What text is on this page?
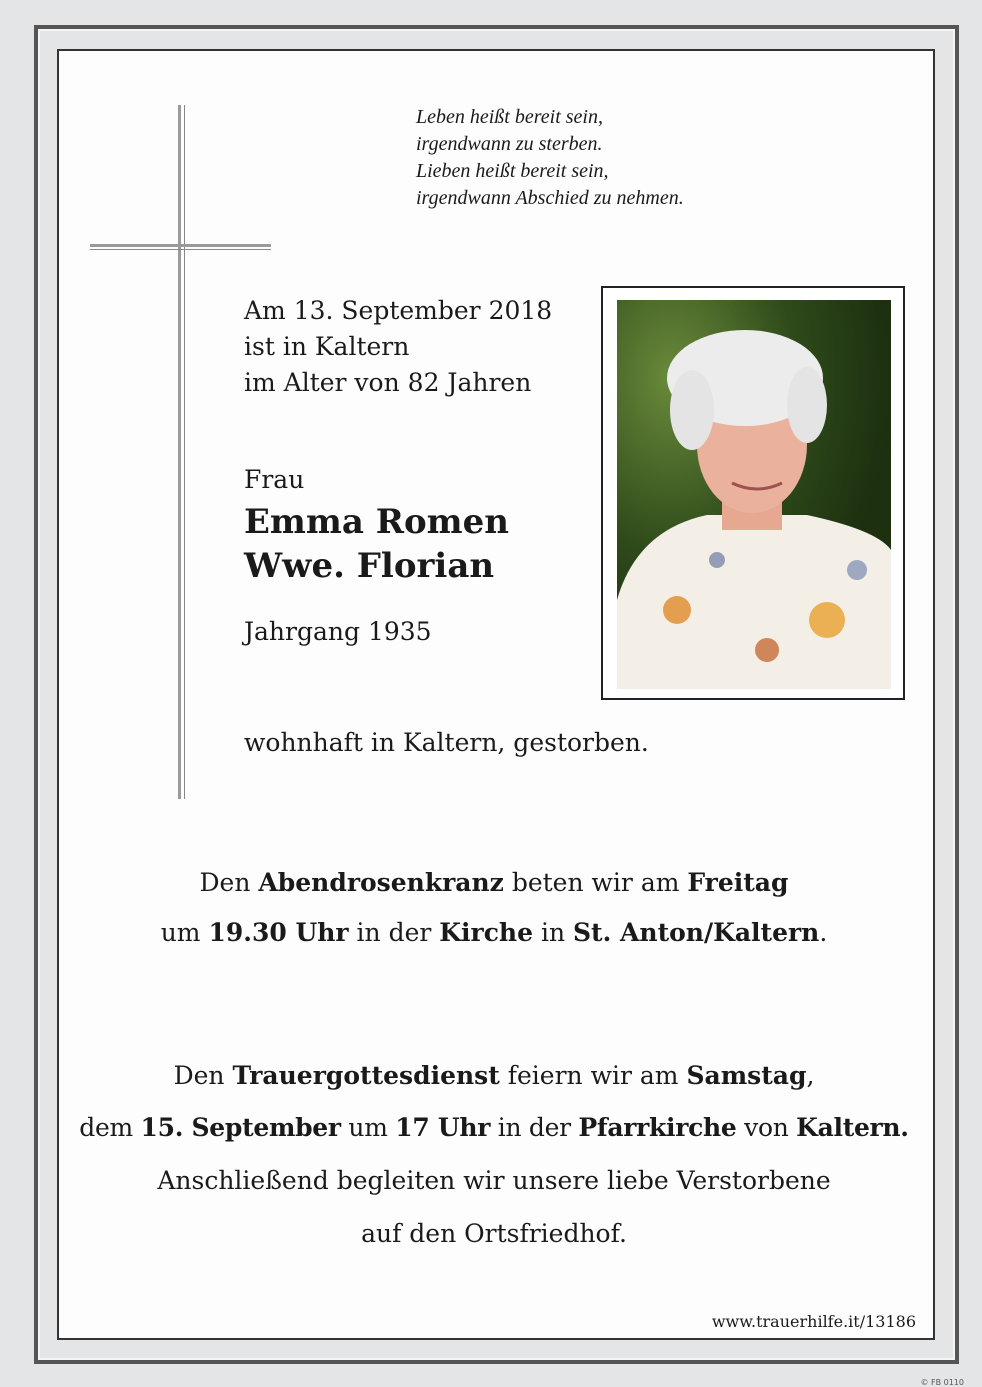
Leben heißt bereit sein,
irgendwann zu sterben.
Lieben heißt bereit sein,
irgendwann Abschied zu nehmen.
Am 13. September 2018
ist in Kaltern
im Alter von 82 Jahren
Frau
Emma Romen
Wwe. Florian
Jahrgang 1935
wohnhaft in Kaltern, gestorben.
Den Abendrosenkranz beten wir am Freitag
um 19.30 Uhr in der Kirche in St. Anton/Kaltern.
Den Trauergottesdienst feiern wir am Samstag,
dem 15. September um 17 Uhr in der Pfarrkirche von Kaltern.
Anschließend begleiten wir unsere liebe Verstorbene
auf den Ortsfriedhof.
www.trauerhilfe.it/13186
© FB 0110
